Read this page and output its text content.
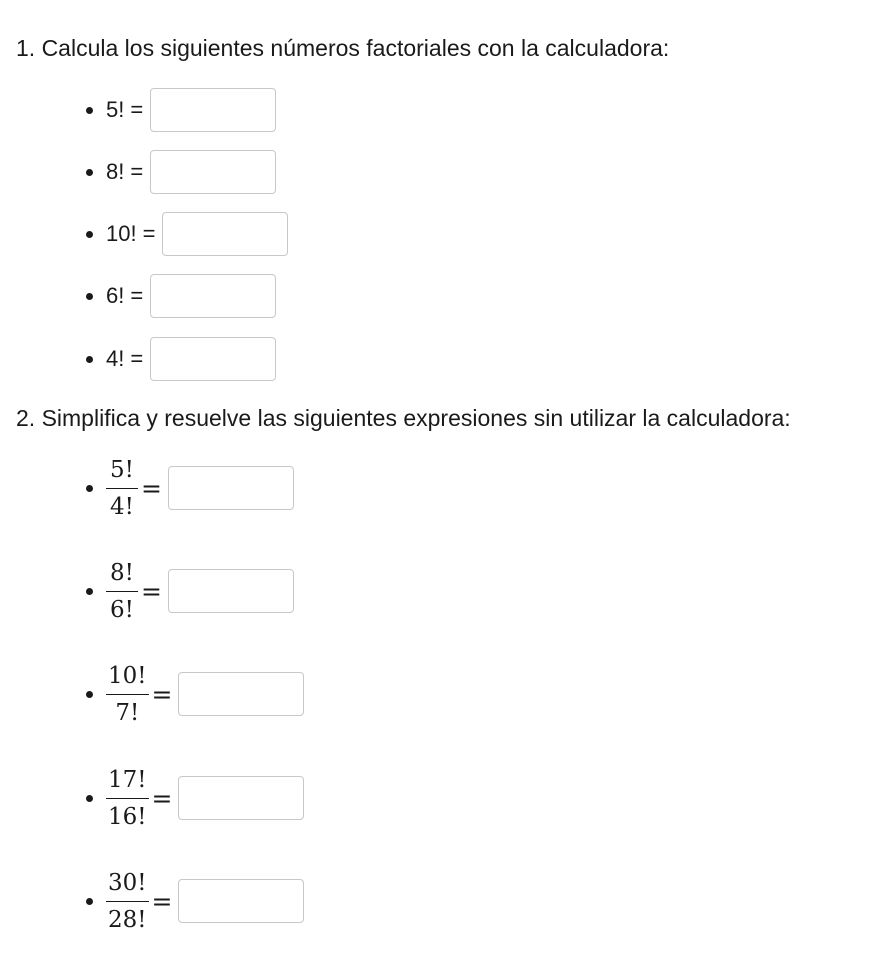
1. Calcula los siguientes números factoriales con la calculadora:
5! =
8! =
10! =
6! =
4! =
2. Simplifica y resuelve las siguientes expresiones sin utilizar la calculadora:
$\frac{5!}{4!}$ =
$\frac{8!}{6!}$ =
$\frac{10!}{7!}$ =
$\frac{17!}{16!}$ =
$\frac{30!}{28!}$ =
